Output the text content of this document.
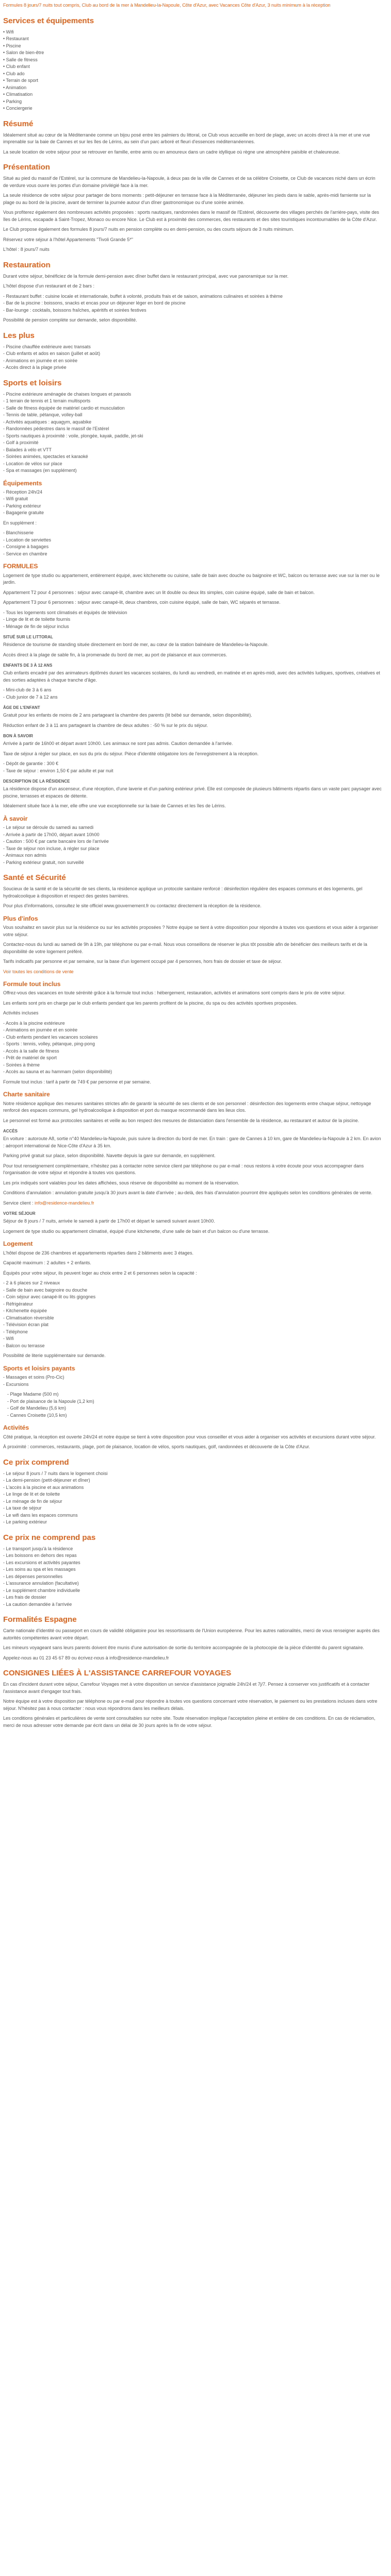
Formules 8 jours/7 nuits tout compris, Club au bord de la mer à Mandelieu-la-Napoule, Côte d'Azur, avec Vacances Côte d'Azur, 3 nuits minimum à la réception
Services et équipements
• Wifi
• Restaurant
• Piscine
• Salon de bien-être
• Salle de fitness
• Club enfant
• Club ado
• Terrain de sport
• Animation
• Climatisation
• Parking
• Conciergerie
Résumé

Idéalement situé au cœur de la Méditerranée comme un bijou posé entre les palmiers du littoral, ce Club vous accueille en bord de plage, avec un accès direct à la mer et une vue imprenable sur la baie de Cannes et sur les îles de Lérins, au sein d'un parc arboré et fleuri d'essences méditerranéennes.

La seule location de votre séjour pour se retrouver en famille, entre amis ou en amoureux dans un cadre idyllique où règne une atmosphère paisible et chaleureuse.

Présentation

Situé au pied du massif de l'Estérel, sur la commune de Mandelieu-la-Napoule, à deux pas de la ville de Cannes et de sa célèbre Croisette, ce Club de vacances niché dans un écrin de verdure vous ouvre les portes d'un domaine privilégié face à la mer.

La seule résidence de votre séjour pour partager de bons moments : petit-déjeuner en terrasse face à la Méditerranée, déjeuner les pieds dans le sable, après-midi farniente sur la plage ou au bord de la piscine, avant de terminer la journée autour d'un dîner gastronomique ou d'une soirée animée.

Vous profiterez également des nombreuses activités proposées : sports nautiques, randonnées dans le massif de l'Estérel, découverte des villages perchés de l'arrière-pays, visite des îles de Lérins, escapade à Saint-Tropez, Monaco ou encore Nice. Le Club est à proximité des commerces, des restaurants et des sites touristiques incontournables de la Côte d'Azur.

Le Club propose également des formules 8 jours/7 nuits en pension complète ou en demi-pension, ou des courts séjours de 3 nuits minimum.

Réservez votre séjour à l'hôtel Appartements "Tivoli Grande 5*"

L'hôtel : 8 jours/7 nuits

Restauration

Durant votre séjour, bénéficiez de la formule demi-pension avec dîner buffet dans le restaurant principal, avec vue panoramique sur la mer.

L'hôtel dispose d'un restaurant et de 2 bars :

- Restaurant buffet : cuisine locale et internationale, buffet à volonté, produits frais et de saison, animations culinaires et soirées à thème
- Bar de la piscine : boissons, snacks et encas pour un déjeuner léger en bord de piscine
- Bar-lounge : cocktails, boissons fraîches, apéritifs et soirées festives

Possibilité de pension complète sur demande, selon disponibilité.

Les plus
- Piscine chauffée extérieure avec transats
- Club enfants et ados en saison (juillet et août)
- Animations en journée et en soirée
- Accès direct à la plage privée
Sports et loisirs
- Piscine extérieure aménagée de chaises longues et parasols
- 1 terrain de tennis et 1 terrain multisports
- Salle de fitness équipée de matériel cardio et musculation
- Tennis de table, pétanque, volley-ball
- Activités aquatiques : aquagym, aquabike
- Randonnées pédestres dans le massif de l'Estérel
- Sports nautiques à proximité : voile, plongée, kayak, paddle, jet-ski
- Golf à proximité
- Balades à vélo et VTT
- Soirées animées, spectacles et karaoké
- Location de vélos sur place
- Spa et massages (en supplément)
Équipements
- Réception 24h/24
- Wifi gratuit
- Parking extérieur
- Bagagerie gratuite

En supplément :

- Blanchisserie
- Location de serviettes
- Consigne à bagages
- Service en chambre
FORMULES

Logement de type studio ou appartement, entièrement équipé, avec kitchenette ou cuisine, salle de bain avec douche ou baignoire et WC, balcon ou terrasse avec vue sur la mer ou le jardin.

Appartement T2 pour 4 personnes : séjour avec canapé-lit, chambre avec un lit double ou deux lits simples, coin cuisine équipé, salle de bain et balcon.

Appartement T3 pour 6 personnes : séjour avec canapé-lit, deux chambres, coin cuisine équipé, salle de bain, WC séparés et terrasse.

- Tous les logements sont climatisés et équipés de télévision
- Linge de lit et de toilette fournis
- Ménage de fin de séjour inclus
SITUÉ SUR LE LITTORAL

Résidence de tourisme de standing située directement en bord de mer, au cœur de la station balnéaire de Mandelieu-la-Napoule.

Accès direct à la plage de sable fin, à la promenade du bord de mer, au port de plaisance et aux commerces.

ENFANTS DE 3 À 12 ANS

Club enfants encadré par des animateurs diplômés durant les vacances scolaires, du lundi au vendredi, en matinée et en après-midi, avec des activités ludiques, sportives, créatives et des sorties adaptées à chaque tranche d'âge.

- Mini-club de 3 à 6 ans
- Club junior de 7 à 12 ans
ÂGE DE L'ENFANT

Gratuit pour les enfants de moins de 2 ans partageant la chambre des parents (lit bébé sur demande, selon disponibilité).

Réduction enfant de 3 à 11 ans partageant la chambre de deux adultes : -50 % sur le prix du séjour.

BON À SAVOIR

Arrivée à partir de 16h00 et départ avant 10h00. Les animaux ne sont pas admis. Caution demandée à l'arrivée.

Taxe de séjour à régler sur place, en sus du prix du séjour. Pièce d'identité obligatoire lors de l'enregistrement à la réception.

- Dépôt de garantie : 300 €
- Taxe de séjour : environ 1,50 € par adulte et par nuit
DESCRIPTION DE LA RÉSIDENCE

La résidence dispose d'un ascenseur, d'une réception, d'une laverie et d'un parking extérieur privé. Elle est composée de plusieurs bâtiments répartis dans un vaste parc paysager avec piscine, terrasses et espaces de détente.

Idéalement située face à la mer, elle offre une vue exceptionnelle sur la baie de Cannes et les îles de Lérins.

À savoir
- Le séjour se déroule du samedi au samedi
- Arrivée à partir de 17h00, départ avant 10h00
- Caution : 500 € par carte bancaire lors de l'arrivée
- Taxe de séjour non incluse, à régler sur place
- Animaux non admis
- Parking extérieur gratuit, non surveillé
Santé et Sécurité

Soucieux de la santé et de la sécurité de ses clients, la résidence applique un protocole sanitaire renforcé : désinfection régulière des espaces communs et des logements, gel hydroalcoolique à disposition et respect des gestes barrières.

Pour plus d'informations, consultez le site officiel www.gouvernement.fr ou contactez directement la réception de la résidence.

Plus d'infos

Vous souhaitez en savoir plus sur la résidence ou sur les activités proposées ? Notre équipe se tient à votre disposition pour répondre à toutes vos questions et vous aider à organiser votre séjour.

Contactez-nous du lundi au samedi de 9h à 19h, par téléphone ou par e-mail. Nous vous conseillons de réserver le plus tôt possible afin de bénéficier des meilleurs tarifs et de la disponibilité de votre logement préféré.

Tarifs indicatifs par personne et par semaine, sur la base d'un logement occupé par 4 personnes, hors frais de dossier et taxe de séjour.

Voir toutes les conditions de vente

Formule tout inclus

Offrez-vous des vacances en toute sérénité grâce à la formule tout inclus : hébergement, restauration, activités et animations sont compris dans le prix de votre séjour.

Les enfants sont pris en charge par le club enfants pendant que les parents profitent de la piscine, du spa ou des activités sportives proposées.

Activités incluses

- Accès à la piscine extérieure
- Animations en journée et en soirée
- Club enfants pendant les vacances scolaires
- Sports : tennis, volley, pétanque, ping-pong
- Accès à la salle de fitness
- Prêt de matériel de sport
- Soirées à thème
- Accès au sauna et au hammam (selon disponibilité)

Formule tout inclus : tarif à partir de 749 € par personne et par semaine.

Charte sanitaire

Notre résidence applique des mesures sanitaires strictes afin de garantir la sécurité de ses clients et de son personnel : désinfection des logements entre chaque séjour, nettoyage renforcé des espaces communs, gel hydroalcoolique à disposition et port du masque recommandé dans les lieux clos.

Le personnel est formé aux protocoles sanitaires et veille au bon respect des mesures de distanciation dans l'ensemble de la résidence, au restaurant et autour de la piscine.

ACCÈS

En voiture : autoroute A8, sortie n°40 Mandelieu-la-Napoule, puis suivre la direction du bord de mer. En train : gare de Cannes à 10 km, gare de Mandelieu-la-Napoule à 2 km. En avion : aéroport international de Nice-Côte d'Azur à 35 km.

Parking privé gratuit sur place, selon disponibilité. Navette depuis la gare sur demande, en supplément.

Pour tout renseignement complémentaire, n'hésitez pas à contacter notre service client par téléphone ou par e-mail : nous restons à votre écoute pour vous accompagner dans l'organisation de votre séjour et répondre à toutes vos questions.

Les prix indiqués sont valables pour les dates affichées, sous réserve de disponibilité au moment de la réservation.

Conditions d'annulation : annulation gratuite jusqu'à 30 jours avant la date d'arrivée ; au-delà, des frais d'annulation pourront être appliqués selon les conditions générales de vente.

Service client : info@residence-mandelieu.fr

VOTRE SÉJOUR

Séjour de 8 jours / 7 nuits, arrivée le samedi à partir de 17h00 et départ le samedi suivant avant 10h00.

Logement de type studio ou appartement climatisé, équipé d'une kitchenette, d'une salle de bain et d'un balcon ou d'une terrasse.

Logement

L'hôtel dispose de 236 chambres et appartements réparties dans 2 bâtiments avec 3 étages.

Capacité maximum : 2 adultes + 2 enfants.

Équipés pour votre séjour, ils peuvent loger au choix entre 2 et 6 personnes selon la capacité :

- 2 à 6 places sur 2 niveaux
- Salle de bain avec baignoire ou douche
- Coin séjour avec canapé-lit ou lits gigognes
- Réfrigérateur
- Kitchenette équipée
- Climatisation réversible
- Télévision écran plat
- Téléphone
- Wifi
- Balcon ou terrasse

Possibilité de literie supplémentaire sur demande.

Sports et loisirs payants
- Massages et soins (Pro-Cic)
- Excursions
- Plage Madame (500 m)
- Port de plaisance de la Napoule (1,2 km)
- Golf de Mandelieu (5,6 km)
- Cannes Croisette (10,5 km)
Activités

Côté pratique, la réception est ouverte 24h/24 et notre équipe se tient à votre disposition pour vous conseiller et vous aider à organiser vos activités et excursions durant votre séjour.

À proximité : commerces, restaurants, plage, port de plaisance, location de vélos, sports nautiques, golf, randonnées et découverte de la Côte d'Azur.

Ce prix comprend
- Le séjour 8 jours / 7 nuits dans le logement choisi
- La demi-pension (petit-déjeuner et dîner)
- L'accès à la piscine et aux animations
- Le linge de lit et de toilette
- Le ménage de fin de séjour
- La taxe de séjour
- Le wifi dans les espaces communs
- Le parking extérieur
Ce prix ne comprend pas
- Le transport jusqu'à la résidence
- Les boissons en dehors des repas
- Les excursions et activités payantes
- Les soins au spa et les massages
- Les dépenses personnelles
- L'assurance annulation (facultative)
- Le supplément chambre individuelle
- Les frais de dossier
- La caution demandée à l'arrivée
Formalités Espagne

Carte nationale d'identité ou passeport en cours de validité obligatoire pour les ressortissants de l'Union européenne. Pour les autres nationalités, merci de vous renseigner auprès des autorités compétentes avant votre départ.

Les mineurs voyageant sans leurs parents doivent être munis d'une autorisation de sortie du territoire accompagnée de la photocopie de la pièce d'identité du parent signataire.

Appelez-nous au 01 23 45 67 89 ou écrivez-nous à info@residence-mandelieu.fr

CONSIGNES LIÉES À L'ASSISTANCE CARREFOUR VOYAGES

En cas d'incident durant votre séjour, Carrefour Voyages met à votre disposition un service d'assistance joignable 24h/24 et 7j/7. Pensez à conserver vos justificatifs et à contacter l'assistance avant d'engager tout frais.

Notre équipe est à votre disposition par téléphone ou par e-mail pour répondre à toutes vos questions concernant votre réservation, le paiement ou les prestations incluses dans votre séjour. N'hésitez pas à nous contacter : nous vous répondrons dans les meilleurs délais.

Les conditions générales et particulières de vente sont consultables sur notre site. Toute réservation implique l'acceptation pleine et entière de ces conditions. En cas de réclamation, merci de nous adresser votre demande par écrit dans un délai de 30 jours après la fin de votre séjour.
